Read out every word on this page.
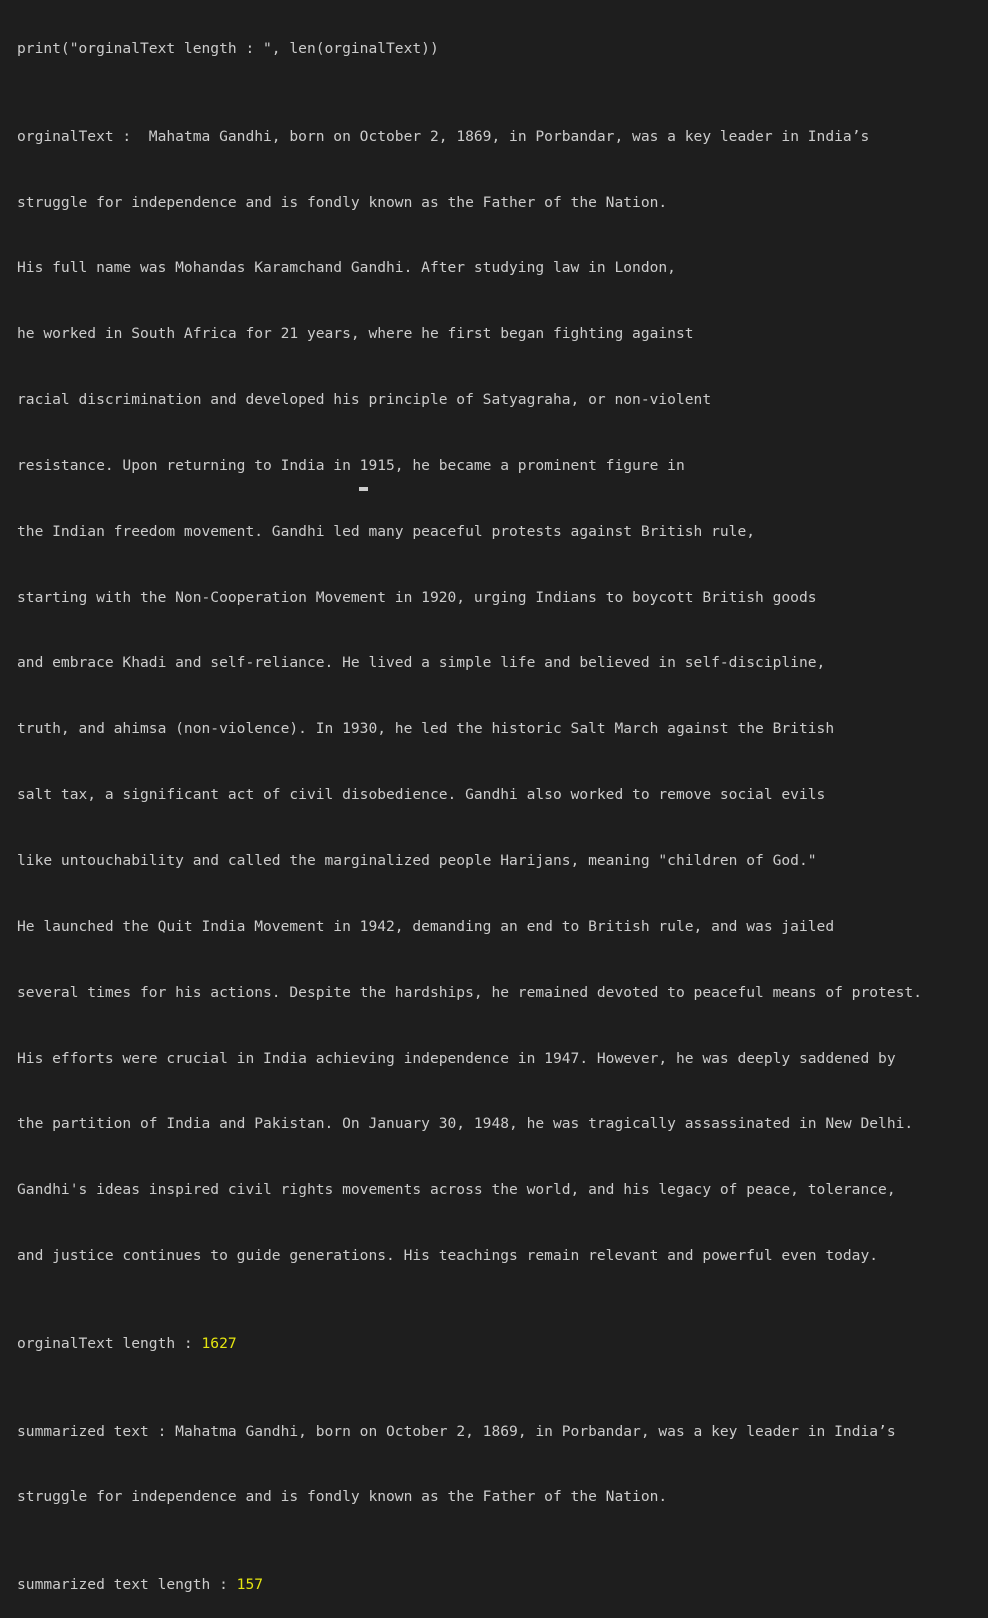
print("orginalText length : ", len(orginalText))

orginalText :  Mahatma Gandhi, born on October 2, 1869, in Porbandar, was a key leader in India’s

struggle for independence and is fondly known as the Father of the Nation.

His full name was Mohandas Karamchand Gandhi. After studying law in London,

he worked in South Africa for 21 years, where he first began fighting against

racial discrimination and developed his principle of Satyagraha, or non-violent

resistance. Upon returning to India in 1915, he became a prominent figure in

the Indian freedom movement. Gandhi led many peaceful protests against British rule,

starting with the Non-Cooperation Movement in 1920, urging Indians to boycott British goods

and embrace Khadi and self-reliance. He lived a simple life and believed in self-discipline,

truth, and ahimsa (non-violence). In 1930, he led the historic Salt March against the British

salt tax, a significant act of civil disobedience. Gandhi also worked to remove social evils

like untouchability and called the marginalized people Harijans, meaning "children of God."

He launched the Quit India Movement in 1942, demanding an end to British rule, and was jailed

several times for his actions. Despite the hardships, he remained devoted to peaceful means of protest.

His efforts were crucial in India achieving independence in 1947. However, he was deeply saddened by

the partition of India and Pakistan. On January 30, 1948, he was tragically assassinated in New Delhi.

Gandhi's ideas inspired civil rights movements across the world, and his legacy of peace, tolerance,

and justice continues to guide generations. His teachings remain relevant and powerful even today.

orginalText length : 1627

summarized text : Mahatma Gandhi, born on October 2, 1869, in Porbandar, was a key leader in India’s

struggle for independence and is fondly known as the Father of the Nation.

summarized text length : 157
